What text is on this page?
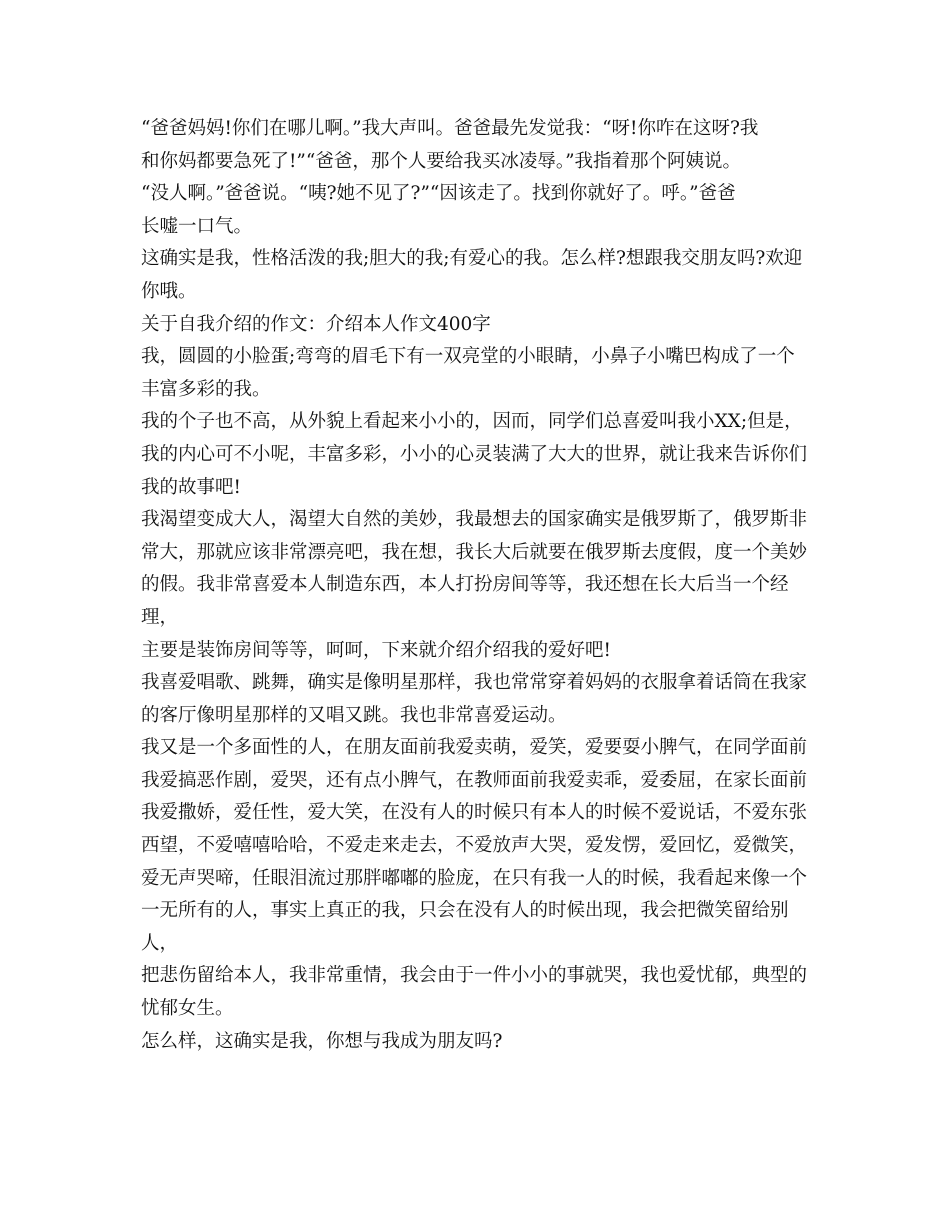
“爸爸妈妈!你们在哪儿啊。”我大声叫。爸爸最先发觉我：“呀!你咋在这呀?我

和你妈都要急死了!”“爸爸，那个人要给我买冰凌辱。”我指着那个阿姨说。

“没人啊。”爸爸说。“咦?她不见了?”“因该走了。找到你就好了。呼。”爸爸

长嘘一口气。

这确实是我，性格活泼的我;胆大的我;有爱心的我。怎么样?想跟我交朋友吗?欢迎

你哦。

关于自我介绍的作文：介绍本人作文400字

我，圆圆的小脸蛋;弯弯的眉毛下有一双亮堂的小眼睛，小鼻子小嘴巴构成了一个

丰富多彩的我。

我的个子也不高，从外貌上看起来小小的，因而，同学们总喜爱叫我小XX;但是，

我的内心可不小呢，丰富多彩，小小的心灵装满了大大的世界，就让我来告诉你们

我的故事吧!

我渴望变成大人，渴望大自然的美妙，我最想去的国家确实是俄罗斯了，俄罗斯非

常大，那就应该非常漂亮吧，我在想，我长大后就要在俄罗斯去度假，度一个美妙

的假。我非常喜爱本人制造东西，本人打扮房间等等，我还想在长大后当一个经理，

主要是装饰房间等等，呵呵，下来就介绍介绍我的爱好吧!

我喜爱唱歌、跳舞，确实是像明星那样，我也常常穿着妈妈的衣服拿着话筒在我家

的客厅像明星那样的又唱又跳。我也非常喜爱运动。

我又是一个多面性的人，在朋友面前我爱卖萌，爱笑，爱要耍小脾气，在同学面前

我爱搞恶作剧，爱哭，还有点小脾气，在教师面前我爱卖乖，爱委屈，在家长面前

我爱撒娇，爱任性，爱大笑，在没有人的时候只有本人的时候不爱说话，不爱东张

西望，不爱嘻嘻哈哈，不爱走来走去，不爱放声大哭，爱发愣，爱回忆，爱微笑，

爱无声哭啼，任眼泪流过那胖嘟嘟的脸庞，在只有我一人的时候，我看起来像一个

一无所有的人，事实上真正的我，只会在没有人的时候出现，我会把微笑留给别人，

把悲伤留给本人，我非常重情，我会由于一件小小的事就哭，我也爱忧郁，典型的

忧郁女生。

怎么样，这确实是我，你想与我成为朋友吗?
